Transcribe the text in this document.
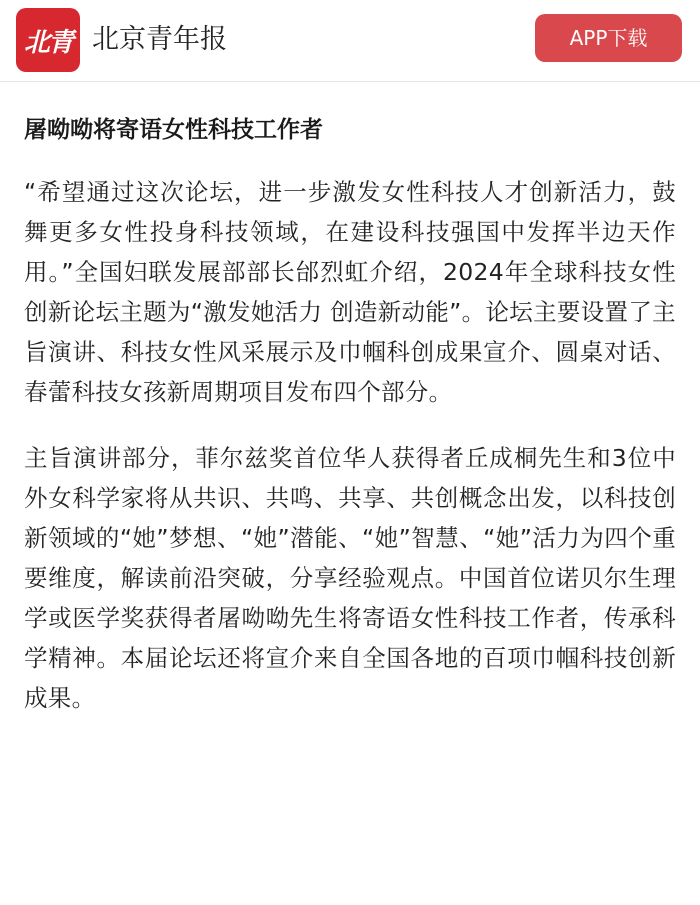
北青 北京青年报	APP下载
屠呦呦将寄语女性科技工作者

“希望通过这次论坛，进一步激发女性科技人才创新活力，鼓舞更多女性投身科技领域，在建设科技强国中发挥半边天作用。”全国妇联发展部部长邰烈虹介绍，2024年全球科技女性创新论坛主题为“激发她活力 创造新动能”。论坛主要设置了主旨演讲、科技女性风采展示及巾帼科创成果宣介、圆桌对话、春蕾科技女孩新周期项目发布四个部分。

主旨演讲部分，菲尔兹奖首位华人获得者丘成桐先生和3位中外女科学家将从共识、共鸣、共享、共创概念出发，以科技创新领域的“她”梦想、“她”潜能、“她”智慧、“她”活力为四个重要维度，解读前沿突破，分享经验观点。中国首位诺贝尔生理学或医学奖获得者屠呦呦先生将寄语女性科技工作者，传承科学精神。本届论坛还将宣介来自全国各地的百项巾帼科技创新成果。
